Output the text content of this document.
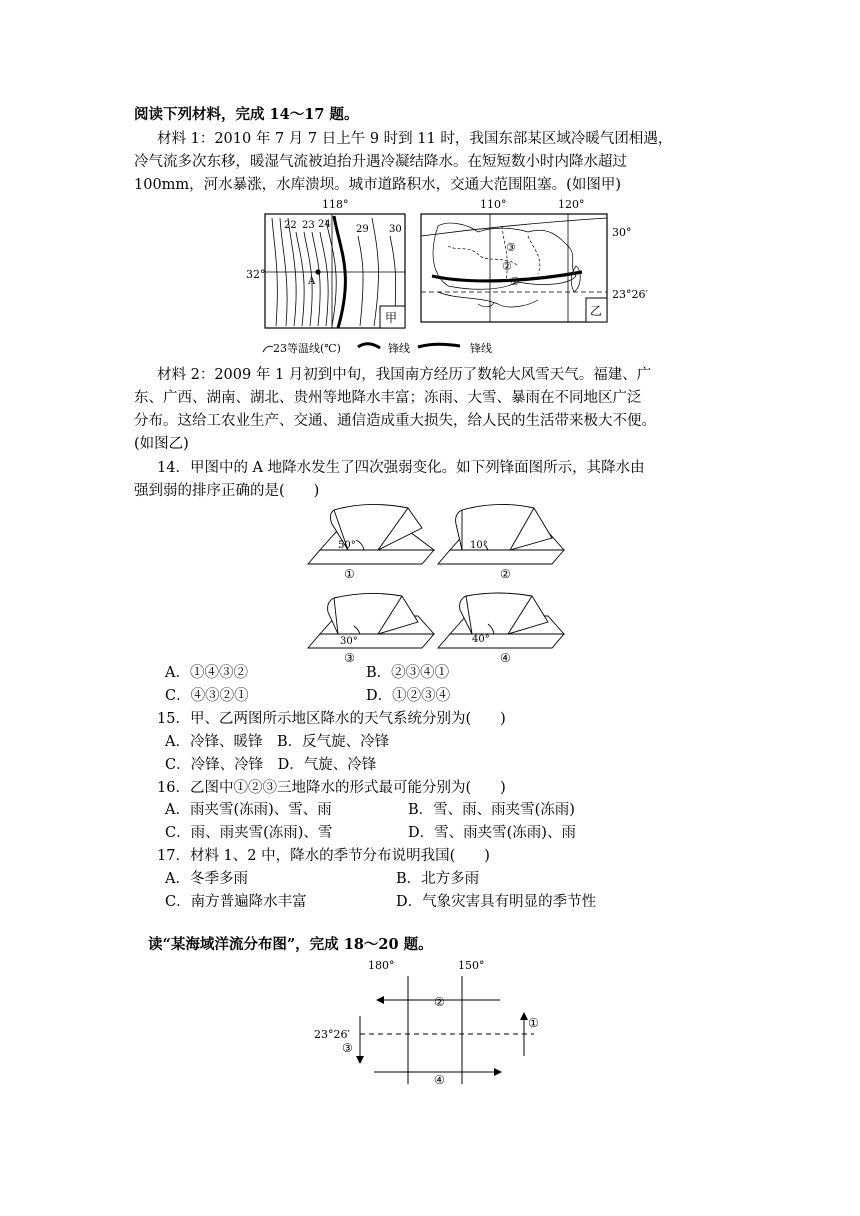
阅读下列材料，完成 14～17 题。
材料 1：2010 年 7 月 7 日上午 9 时到 11 时，我国东部某区域冷暖气团相遇，
冷气流多次东移，暖湿气流被迫抬升遇冷凝结降水。在短短数小时内降水超过
100mm，河水暴涨，水库溃坝。城市道路积水，交通大范围阻塞。(如图甲)
118°
32°
22 23 24	29 30
A
甲
110°	120°
30°
23°26′
③
②
①
乙
23 等温线(℃)	锋线	锋线
材料 2：2009 年 1 月初到中旬，我国南方经历了数轮大风雪天气。福建、广
东、广西、湖南、湖北、贵州等地降水丰富；冻雨、大雪、暴雨在不同地区广泛
分布。这给工农业生产、交通、通信造成重大损失，给人民的生活带来极大不便。
(如图乙)
14．甲图中的 A 地降水发生了四次强弱变化。如下列锋面图所示，其降水由
强到弱的排序正确的是(　　)
50°
①
10°
②
30°
③
40°
④
A．①④③②	B．②③④①
C．④③②①	D．①②③④
15．甲、乙两图所示地区降水的天气系统分别为(　　)
A．冷锋、暖锋　B．反气旋、冷锋
C．冷锋、冷锋　D．气旋、冷锋
16．乙图中①②③三地降水的形式最可能分别为(　　)
A．雨夹雪(冻雨)、雪、雨	B．雪、雨、雨夹雪(冻雨)
C．雨、雨夹雪(冻雨)、雪	D．雪、雨夹雪(冻雨)、雨
17．材料 1、2 中，降水的季节分布说明我国(　　)
A．冬季多雨	B．北方多雨
C．南方普遍降水丰富	D．气象灾害具有明显的季节性
读“某海域洋流分布图”，完成 18～20 题。
180°	150°
23°26′
②
①
③
④
